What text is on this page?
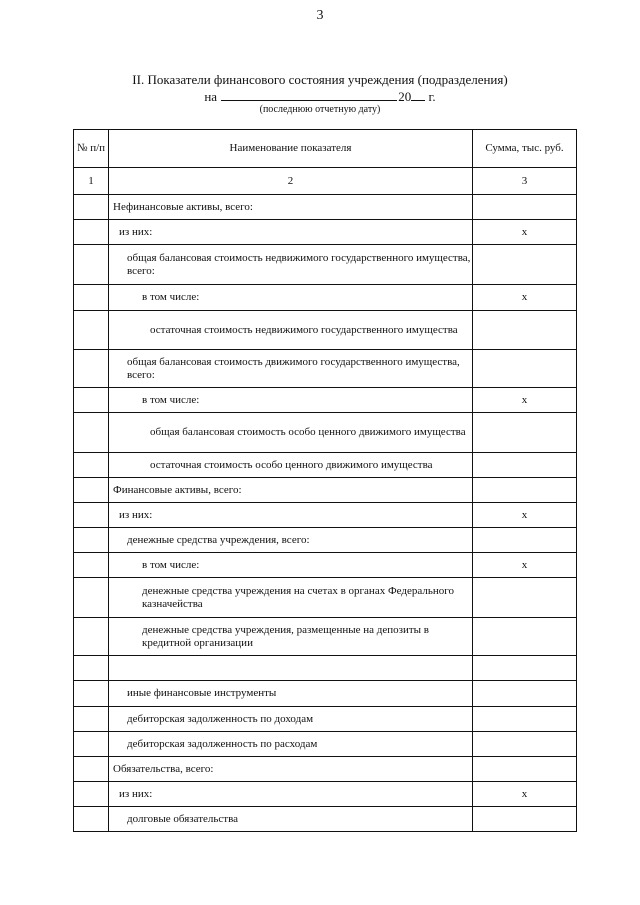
3
II. Показатели финансового состояния учреждения (подразделения)
на	20 г.
(последнюю отчетную дату)
№ п/п	Наименование показателя	Сумма, тыс. руб.
1	2	3
	Нефинансовые активы, всего:	
	из них:	x
	общая балансовая стоимость недвижимого государственного имущества, всего:	
	в том числе:	x
	остаточная стоимость недвижимого государственного имущества	
	общая балансовая стоимость движимого государственного имущества, всего:	
	в том числе:	x
	общая балансовая стоимость особо ценного движимого имущества	
	остаточная стоимость особо ценного движимого имущества	
	Финансовые активы, всего:	
	из них:	x
	денежные средства учреждения, всего:	
	в том числе:	x
	денежные средства учреждения на счетах в органах Федерального казначейства	
	денежные средства учреждения, размещенные на депозиты в кредитной организации	

	иные финансовые инструменты	
	дебиторская задолженность по доходам	
	дебиторская задолженность по расходам	
	Обязательства, всего:	
	из них:	x
	долговые обязательства	
